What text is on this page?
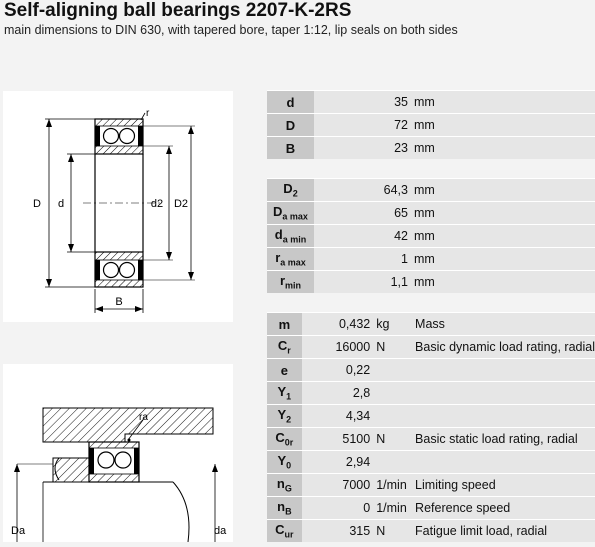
Self-aligning ball bearings 2207-K-2RS
main dimensions to DIN 630, with tapered bore, taper 1:12, lip seals on both sides
D d	d2 D2
B
r
ra
Da	da
d	35	mm	
D	72	mm	
B	23	mm	
$D_2$	64,3	mm	
$D_{a max}$	65	mm	
$d_{a min}$	42	mm	
$r_{a max}$	1	mm	
$r_{min}$	1,1	mm	
m	0,432	kg	Mass
$C_r$	16000	N	Basic dynamic load rating, radial
e	0,22		
$Y_1$	2,8		
$Y_2$	4,34		
$C_{0r}$	5100	N	Basic static load rating, radial
$Y_0$	2,94		
$n_G$	7000	1/min	Limiting speed
$n_B$	0	1/min	Reference speed
$C_{ur}$	315	N	Fatigue limit load, radial
